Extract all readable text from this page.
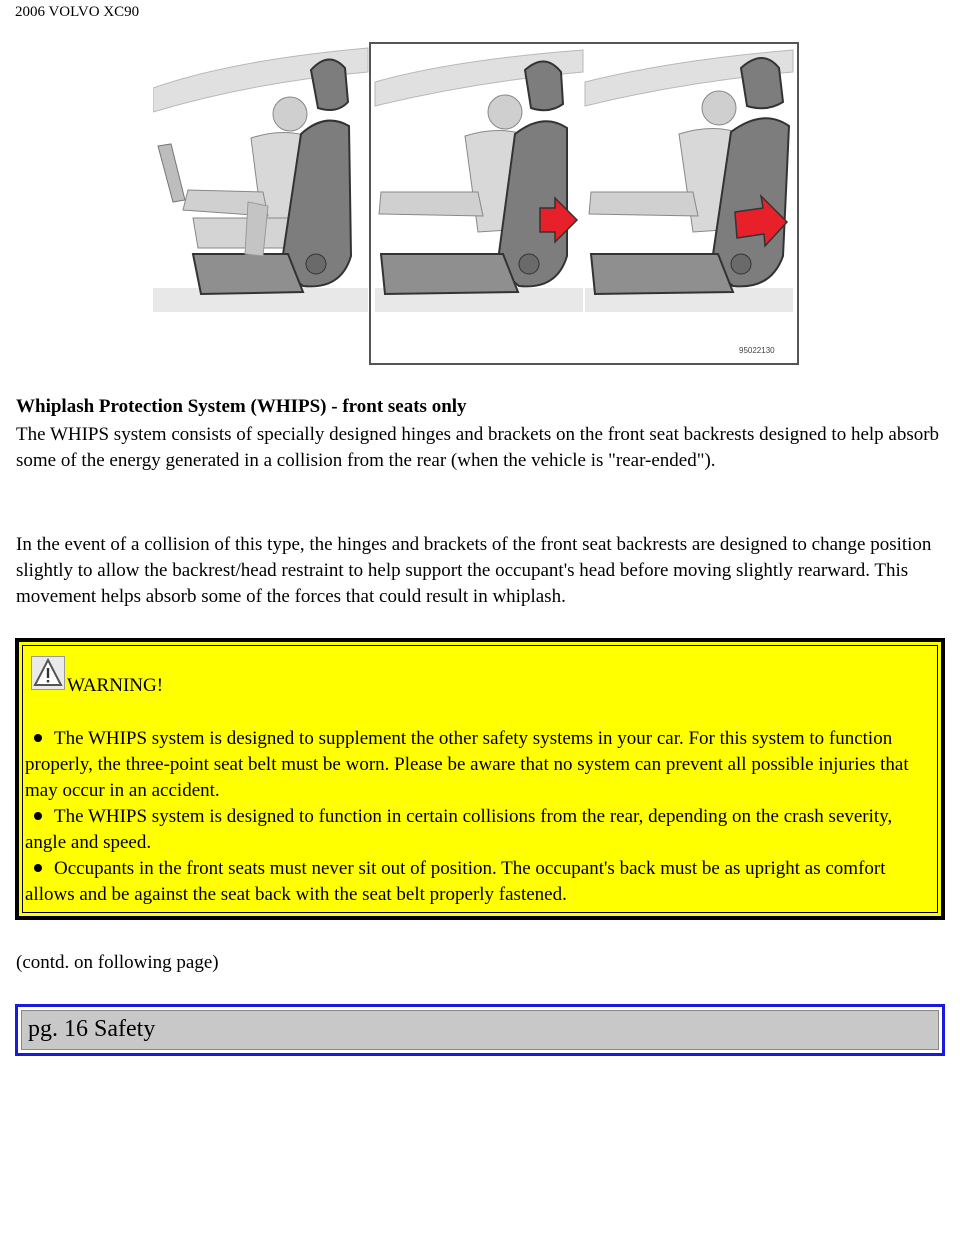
2006 VOLVO XC90
95022130
Whiplash Protection System (WHIPS) - front seats only

The WHIPS system consists of specially designed hinges and brackets on the front seat backrests designed to help absorb some of the energy generated in a collision from the rear (when the vehicle is "rear-ended").

In the event of a collision of this type, the hinges and brackets of the front seat backrests are designed to change position slightly to allow the backrest/head restraint to help support the occupant's head before moving slightly rearward. This movement helps absorb some of the forces that could result in whiplash.

WARNING!
The WHIPS system is designed to supplement the other safety systems in your car. For this system to function properly, the three-point seat belt must be worn. Please be aware that no system can prevent all possible injuries that may occur in an accident.
The WHIPS system is designed to function in certain collisions from the rear, depending on the crash severity, angle and speed.
Occupants in the front seats must never sit out of position. The occupant's back must be as upright as comfort allows and be against the seat back with the seat belt properly fastened.
(contd. on following page)
pg. 16 Safety
